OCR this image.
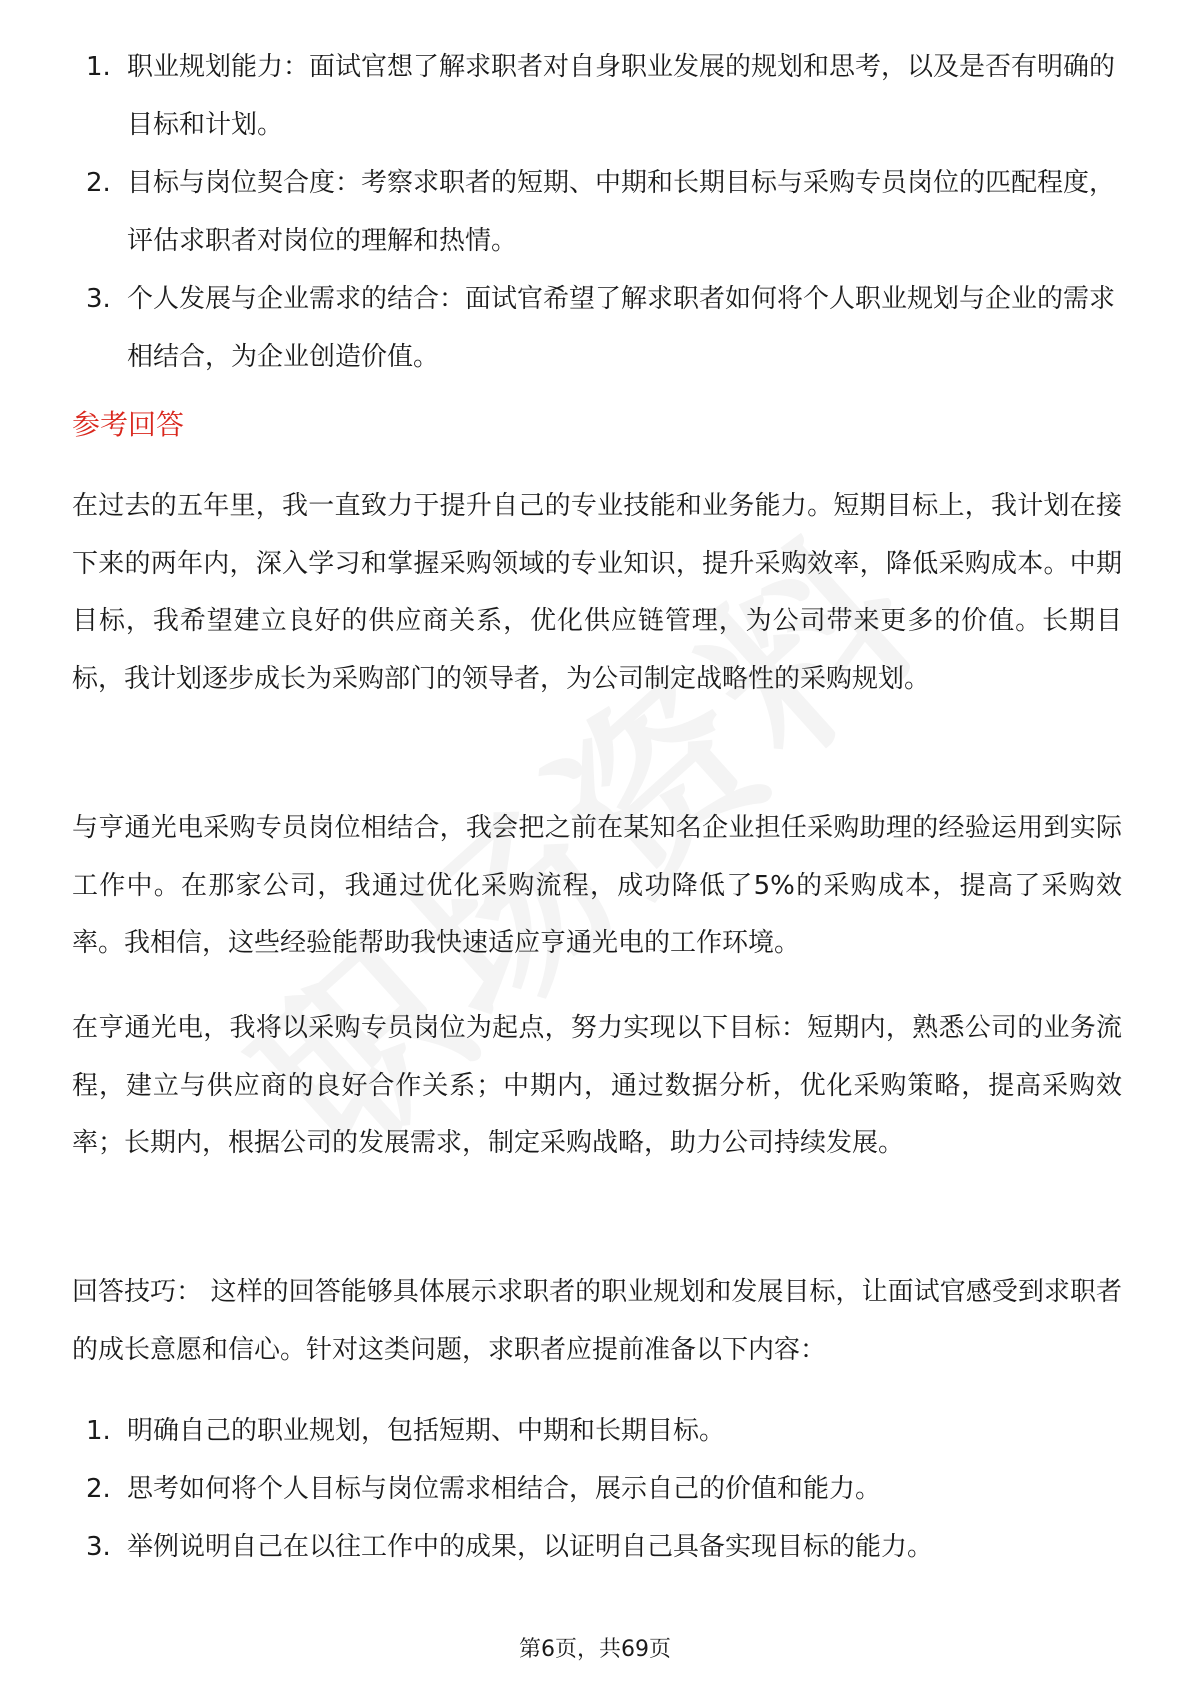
1. 职业规划能力：面试官想了解求职者对自身职业发展的规划和思考，以及是否有明确的目标和计划。
2. 目标与岗位契合度：考察求职者的短期、中期和长期目标与采购专员岗位的匹配程度，评估求职者对岗位的理解和热情。
3. 个人发展与企业需求的结合：面试官希望了解求职者如何将个人职业规划与企业的需求相结合，为企业创造价值。
参考回答

在过去的五年里，我一直致力于提升自己的专业技能和业务能力。短期目标上，我计划在接下来的两年内，深入学习和掌握采购领域的专业知识，提升采购效率，降低采购成本。中期目标，我希望建立良好的供应商关系，优化供应链管理，为公司带来更多的价值。长期目标，我计划逐步成长为采购部门的领导者，为公司制定战略性的采购规划。

与亨通光电采购专员岗位相结合，我会把之前在某知名企业担任采购助理的经验运用到实际工作中。在那家公司，我通过优化采购流程，成功降低了5%的采购成本，提高了采购效率。我相信，这些经验能帮助我快速适应亨通光电的工作环境。

在亨通光电，我将以采购专员岗位为起点，努力实现以下目标：短期内，熟悉公司的业务流程，建立与供应商的良好合作关系；中期内，通过数据分析，优化采购策略，提高采购效率；长期内，根据公司的发展需求，制定采购战略，助力公司持续发展。

回答技巧： 这样的回答能够具体展示求职者的职业规划和发展目标，让面试官感受到求职者的成长意愿和信心。针对这类问题，求职者应提前准备以下内容：

1. 明确自己的职业规划，包括短期、中期和长期目标。
2. 思考如何将个人目标与岗位需求相结合，展示自己的价值和能力。
3. 举例说明自己在以往工作中的成果，以证明自己具备实现目标的能力。
第6页，共69页
